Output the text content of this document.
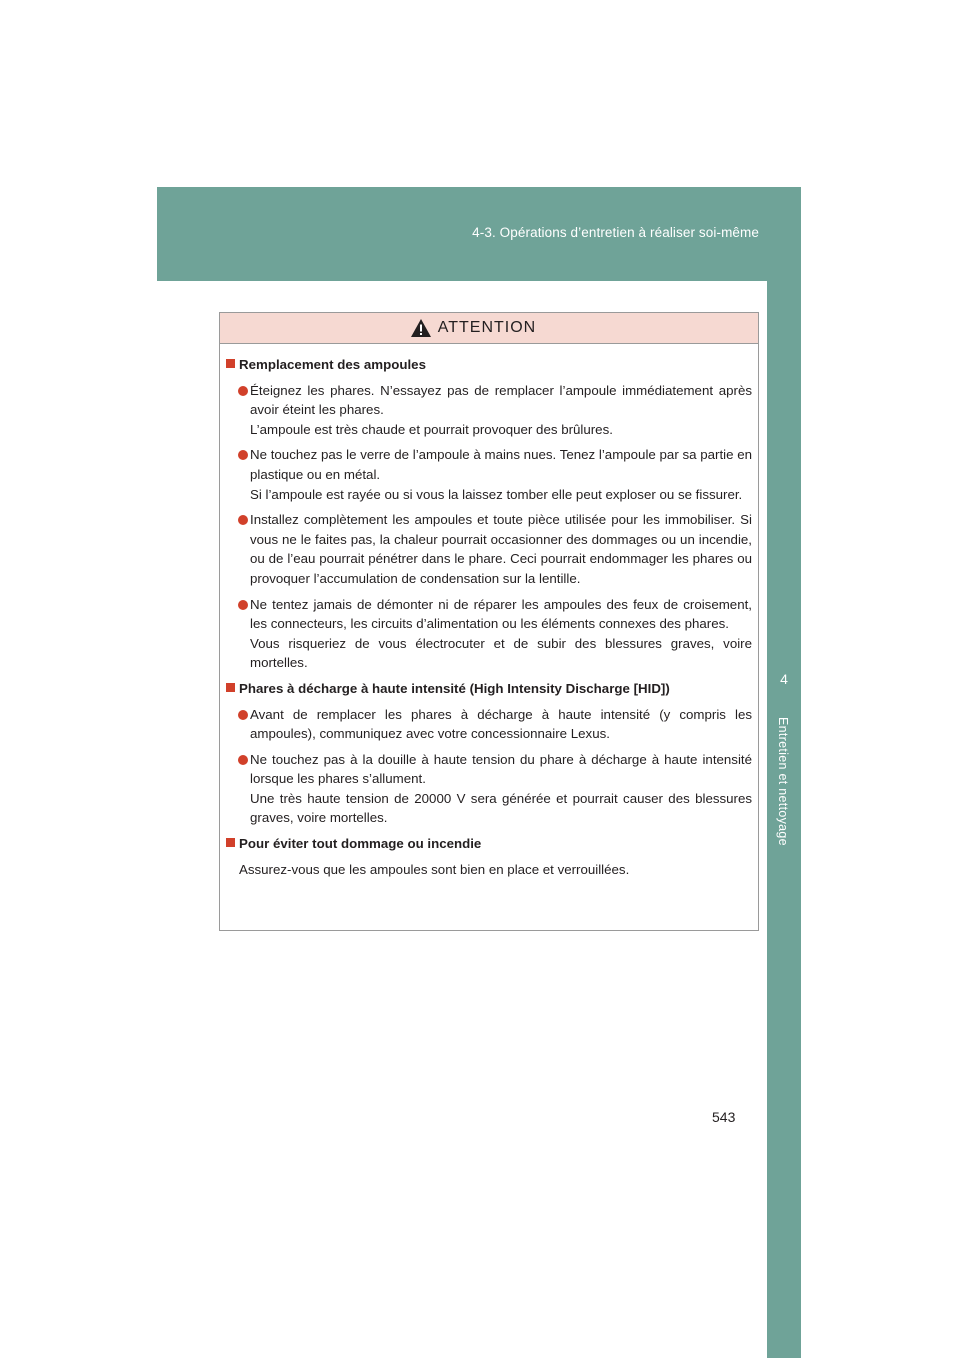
4-3. Opérations d’entretien à réaliser soi-même
4
Entretien et nettoyage
ATTENTION
Remplacement des ampoules

Éteignez les phares. N’essayez pas de remplacer l’ampoule immédiatement après avoir éteint les phares.

L’ampoule est très chaude et pourrait provoquer des brûlures.

Ne touchez pas le verre de l’ampoule à mains nues. Tenez l’ampoule par sa partie en plastique ou en métal.

Si l’ampoule est rayée ou si vous la laissez tomber elle peut exploser ou se fissurer.

Installez complètement les ampoules et toute pièce utilisée pour les immobiliser. Si vous ne le faites pas, la chaleur pourrait occasionner des dommages ou un incendie, ou de l’eau pourrait pénétrer dans le phare. Ceci pourrait endommager les phares ou provoquer l’accumulation de condensation sur la lentille.

Ne tentez jamais de démonter ni de réparer les ampoules des feux de croisement, les connecteurs, les circuits d’alimentation ou les éléments connexes des phares.

Vous risqueriez de vous électrocuter et de subir des blessures graves, voire mortelles.

Phares à décharge à haute intensité (High Intensity Discharge [HID])

Avant de remplacer les phares à décharge à haute intensité (y compris les ampoules), communiquez avec votre concessionnaire Lexus.

Ne touchez pas à la douille à haute tension du phare à décharge à haute intensité lorsque les phares s’allument.

Une très haute tension de 20000 V sera générée et pourrait causer des blessures graves, voire mortelles.

Pour éviter tout dommage ou incendie
Assurez-vous que les ampoules sont bien en place et verrouillées.
543
